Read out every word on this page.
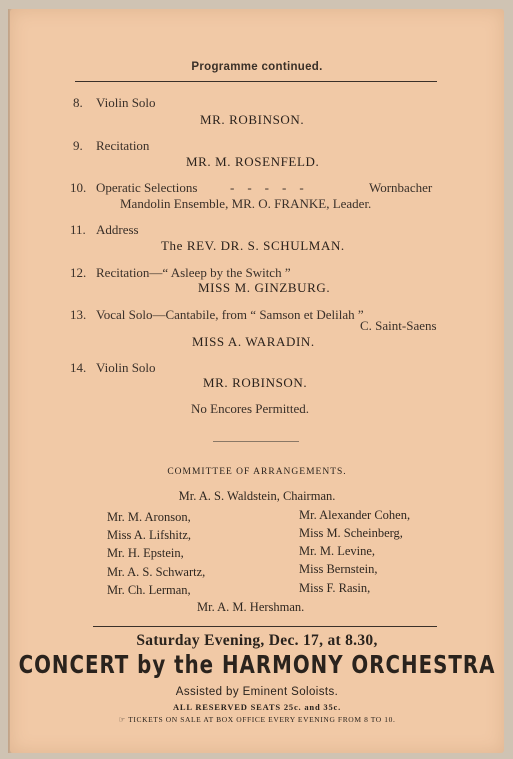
Programme continued.
8. Violin Solo
MR. ROBINSON.
9. Recitation
MR. M. ROSENFELD.
10. Operatic Selections	-    -    -    -    -	Wornbacher
Mandolin Ensemble, MR. O. FRANKE, Leader.
11. Address
The REV. DR. S. SCHULMAN.
12. Recitation—“ Asleep by the Switch ”
MISS M. GINZBURG.
13. Vocal Solo—Cantabile, from “ Samson et Delilah ”
C. Saint-Saens
MISS A. WARADIN.
14. Violin Solo
MR. ROBINSON.
No Encores Permitted.
COMMITTEE OF ARRANGEMENTS.
Mr. A. S. Waldstein, Chairman.
Mr. M. Aronson,
Miss A. Lifshitz,
Mr. H. Epstein,
Mr. A. S. Schwartz,
Mr. Ch. Lerman,
Mr. Alexander Cohen,
Miss M. Scheinberg,
Mr. M. Levine,
Miss Bernstein,
Miss F. Rasin,
Mr. A. M. Hershman.
Saturday Evening, Dec. 17, at 8.30,
CONCERT by the HARMONY ORCHESTRA
Assisted by Eminent Soloists.
ALL RESERVED SEATS 25c. and 35c.
☞ TICKETS ON SALE AT BOX OFFICE EVERY EVENING FROM 8 TO 10.
